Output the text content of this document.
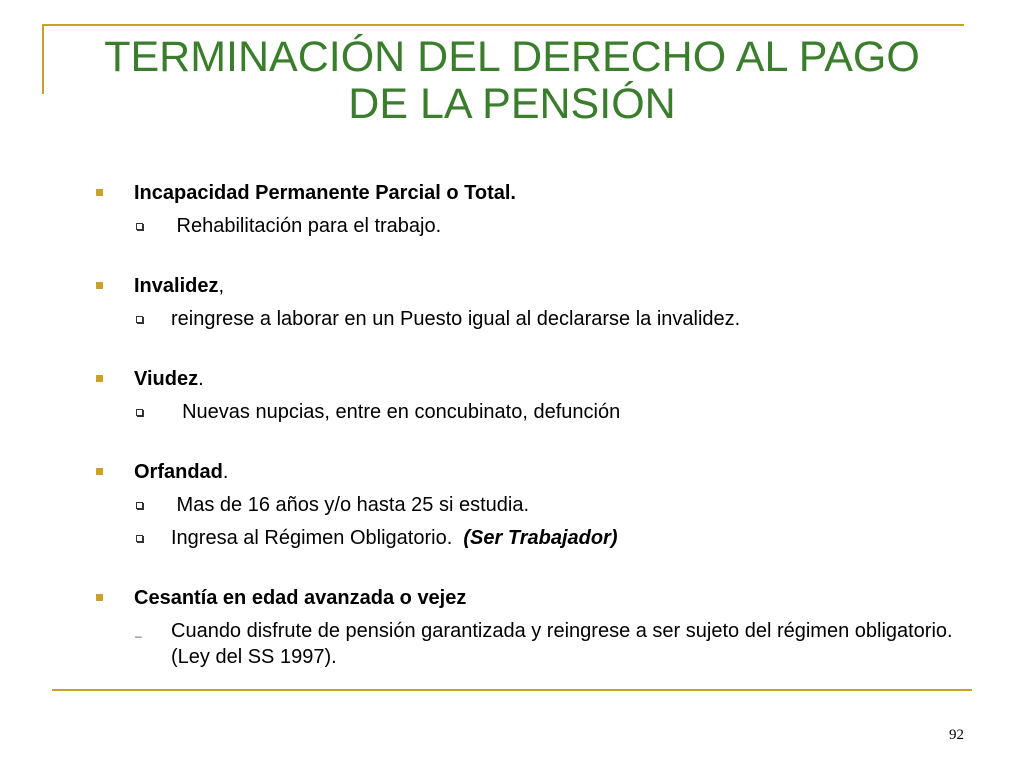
TERMINACIÓN DEL DERECHO AL PAGO
DE LA PENSIÓN

Incapacidad Permanente Parcial o Total.

Rehabilitación para el trabajo.

Invalidez,

reingrese a laborar en un Puesto igual al declararse la invalidez.

Viudez.

Nuevas nupcias, entre en concubinato, defunción

Orfandad.

Mas de 16 años y/o hasta 25 si estudia.

Ingresa al Régimen Obligatorio.  (Ser Trabajador)

Cesantía en edad avanzada o vejez

– Cuando disfrute de pensión garantizada y reingrese a ser sujeto del régimen obligatorio. (Ley del SS 1997).

92
